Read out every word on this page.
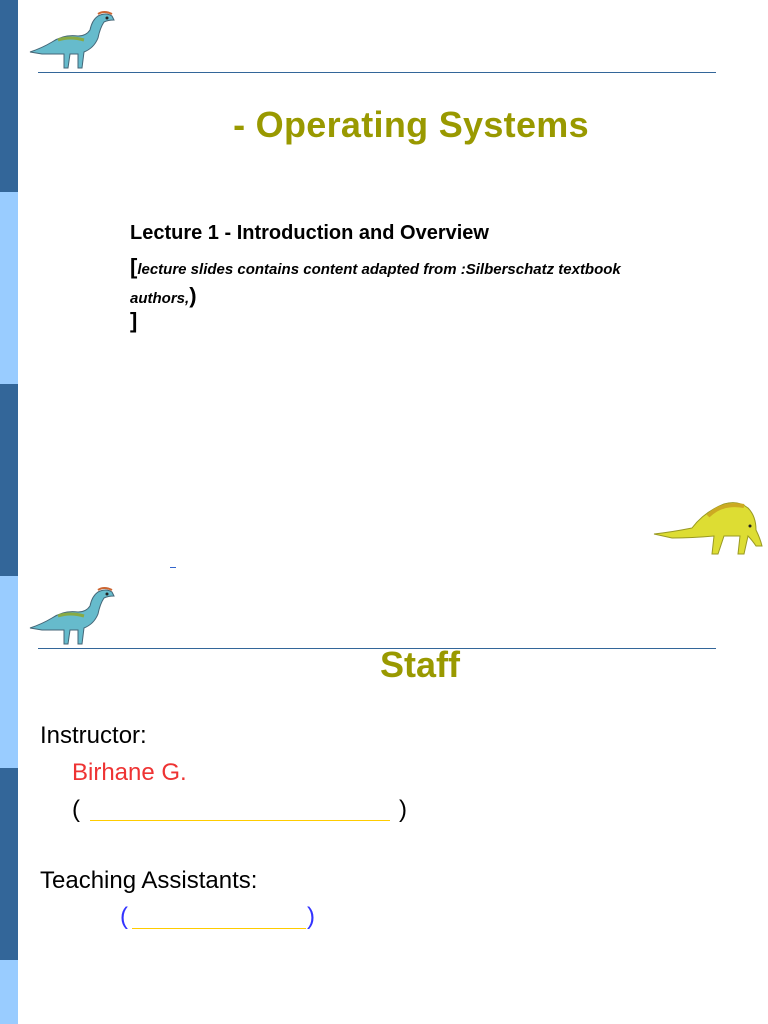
- Operating Systems
Lecture 1 - Introduction and Overview
[lecture slides contains content adapted from :Silberschatz textbook authors,)
]
Staff
Instructor:
Birhane G.
(	)
Teaching Assistants:
(	)
